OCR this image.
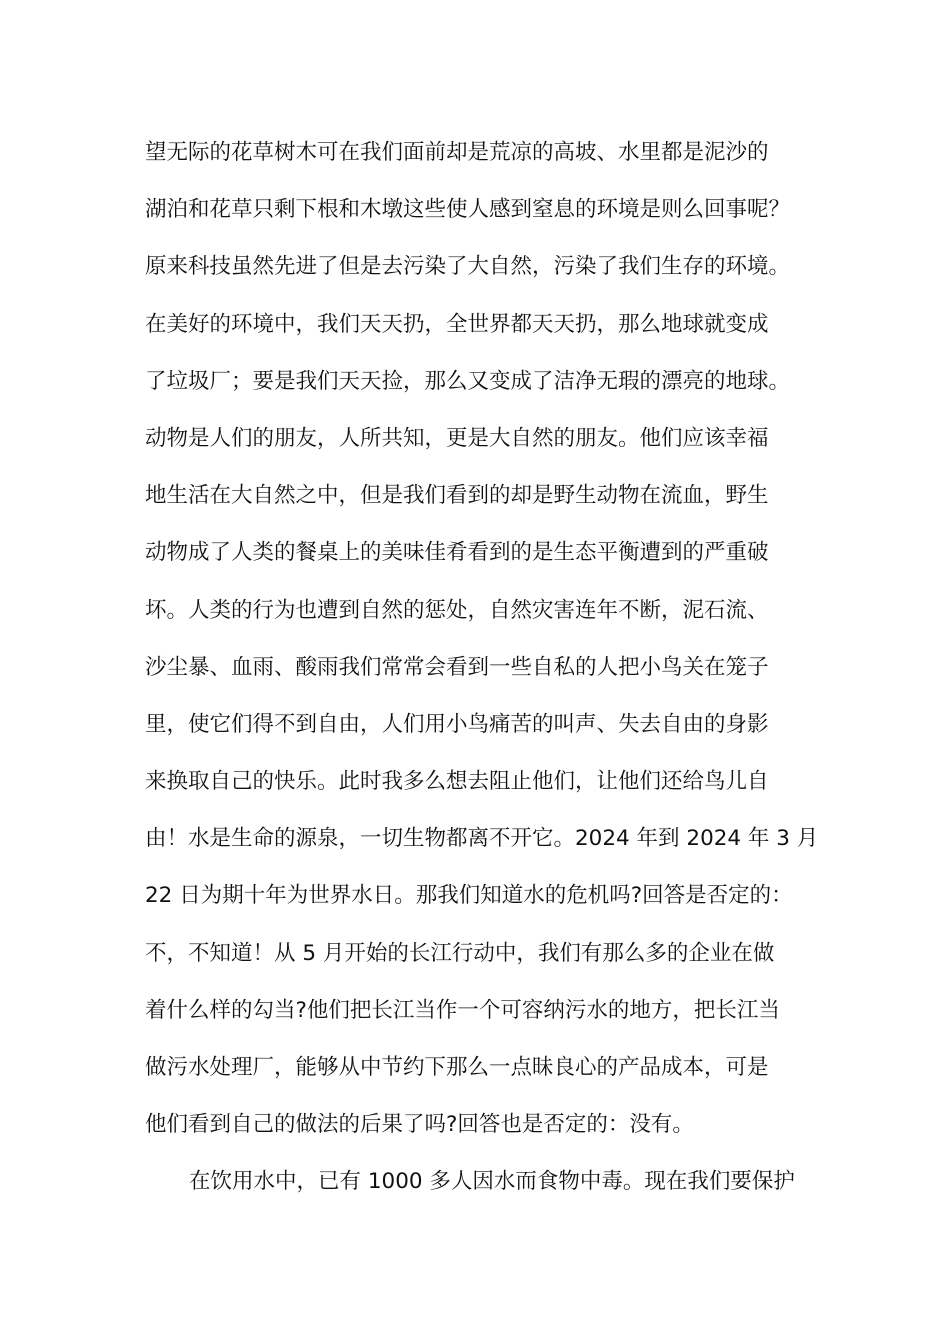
望无际的花草树木可在我们面前却是荒凉的高坡、水里都是泥沙的
湖泊和花草只剩下根和木墩这些使人感到窒息的环境是则么回事呢？
原来科技虽然先进了但是去污染了大自然，污染了我们生存的环境。
在美好的环境中，我们天天扔，全世界都天天扔，那么地球就变成
了垃圾厂；要是我们天天捡，那么又变成了洁净无瑕的漂亮的地球。
动物是人们的朋友，人所共知，更是大自然的朋友。他们应该幸福
地生活在大自然之中，但是我们看到的却是野生动物在流血，野生
动物成了人类的餐桌上的美味佳肴看到的是生态平衡遭到的严重破
坏。人类的行为也遭到自然的惩处，自然灾害连年不断，泥石流、
沙尘暴、血雨、酸雨我们常常会看到一些自私的人把小鸟关在笼子
里，使它们得不到自由，人们用小鸟痛苦的叫声、失去自由的身影
来换取自己的快乐。此时我多么想去阻止他们，让他们还给鸟儿自
由！水是生命的源泉，一切生物都离不开它。2024 年到 2024 年 3 月
22 日为期十年为世界水日。那我们知道水的危机吗?回答是否定的：
不，不知道！从 5 月开始的长江行动中，我们有那么多的企业在做
着什么样的勾当?他们把长江当作一个可容纳污水的地方，把长江当
做污水处理厂，能够从中节约下那么一点昧良心的产品成本，可是
他们看到自己的做法的后果了吗?回答也是否定的：没有。
在饮用水中，已有 1000 多人因水而食物中毒。现在我们要保护
